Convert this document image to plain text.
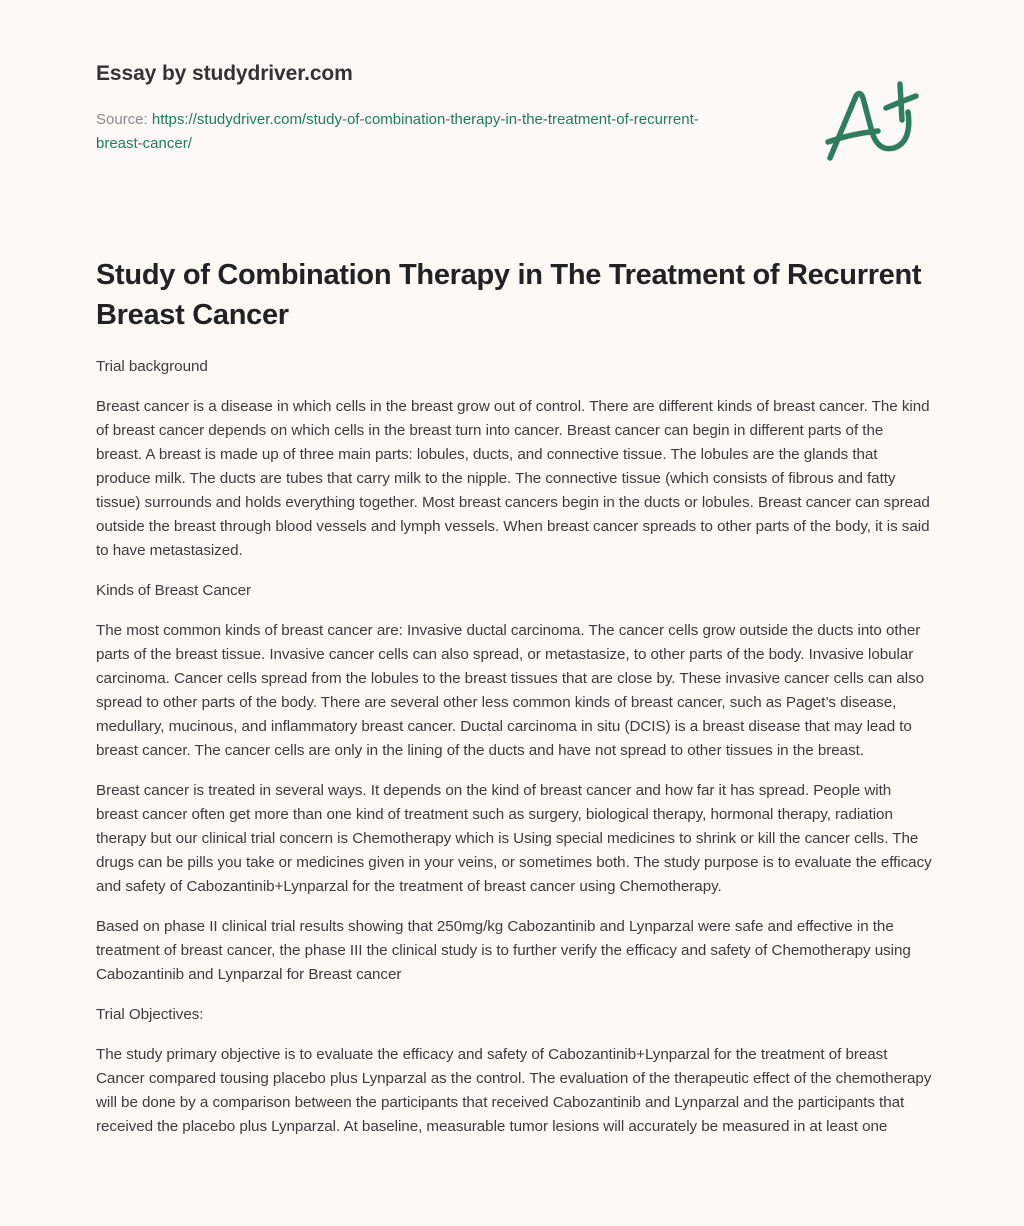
Essay by studydriver.com
Source: https://studydriver.com/study-of-combination-therapy-in-the-treatment-of-recurrent-breast-cancer/
Study of Combination Therapy in The Treatment of Recurrent Breast Cancer

Trial background

Breast cancer is a disease in which cells in the breast grow out of control. There are different kinds of breast cancer. The kind of breast cancer depends on which cells in the breast turn into cancer. Breast cancer can begin in different parts of the breast. A breast is made up of three main parts: lobules, ducts, and connective tissue. The lobules are the glands that produce milk. The ducts are tubes that carry milk to the nipple. The connective tissue (which consists of fibrous and fatty tissue) surrounds and holds everything together. Most breast cancers begin in the ducts or lobules. Breast cancer can spread outside the breast through blood vessels and lymph vessels. When breast cancer spreads to other parts of the body, it is said to have metastasized.

Kinds of Breast Cancer

The most common kinds of breast cancer are: Invasive ductal carcinoma. The cancer cells grow outside the ducts into other parts of the breast tissue. Invasive cancer cells can also spread, or metastasize, to other parts of the body. Invasive lobular carcinoma. Cancer cells spread from the lobules to the breast tissues that are close by. These invasive cancer cells can also spread to other parts of the body. There are several other less common kinds of breast cancer, such as Paget’s disease, medullary, mucinous, and inflammatory breast cancer. Ductal carcinoma in situ (DCIS) is a breast disease that may lead to breast cancer. The cancer cells are only in the lining of the ducts and have not spread to other tissues in the breast.

Breast cancer is treated in several ways. It depends on the kind of breast cancer and how far it has spread. People with breast cancer often get more than one kind of treatment such as surgery, biological therapy, hormonal therapy, radiation therapy but our clinical trial concern is Chemotherapy which is Using special medicines to shrink or kill the cancer cells. The drugs can be pills you take or medicines given in your veins, or sometimes both. The study purpose is to evaluate the efficacy and safety of Cabozantinib+Lynparzal for the treatment of breast cancer using Chemotherapy.

Based on phase II clinical trial results showing that 250mg/kg Cabozantinib and Lynparzal were safe and effective in the treatment of breast cancer, the phase III the clinical study is to further verify the efficacy and safety of Chemotherapy using Cabozantinib and Lynparzal for Breast cancer

Trial Objectives:

The study primary objective is to evaluate the efficacy and safety of Cabozantinib+Lynparzal for the treatment of breast Cancer compared tousing placebo plus Lynparzal as the control. The evaluation of the therapeutic effect of the chemotherapy will be done by a comparison between the participants that received Cabozantinib and Lynparzal and the participants that received the placebo plus Lynparzal. At baseline, measurable tumor lesions will accurately be measured in at least one
